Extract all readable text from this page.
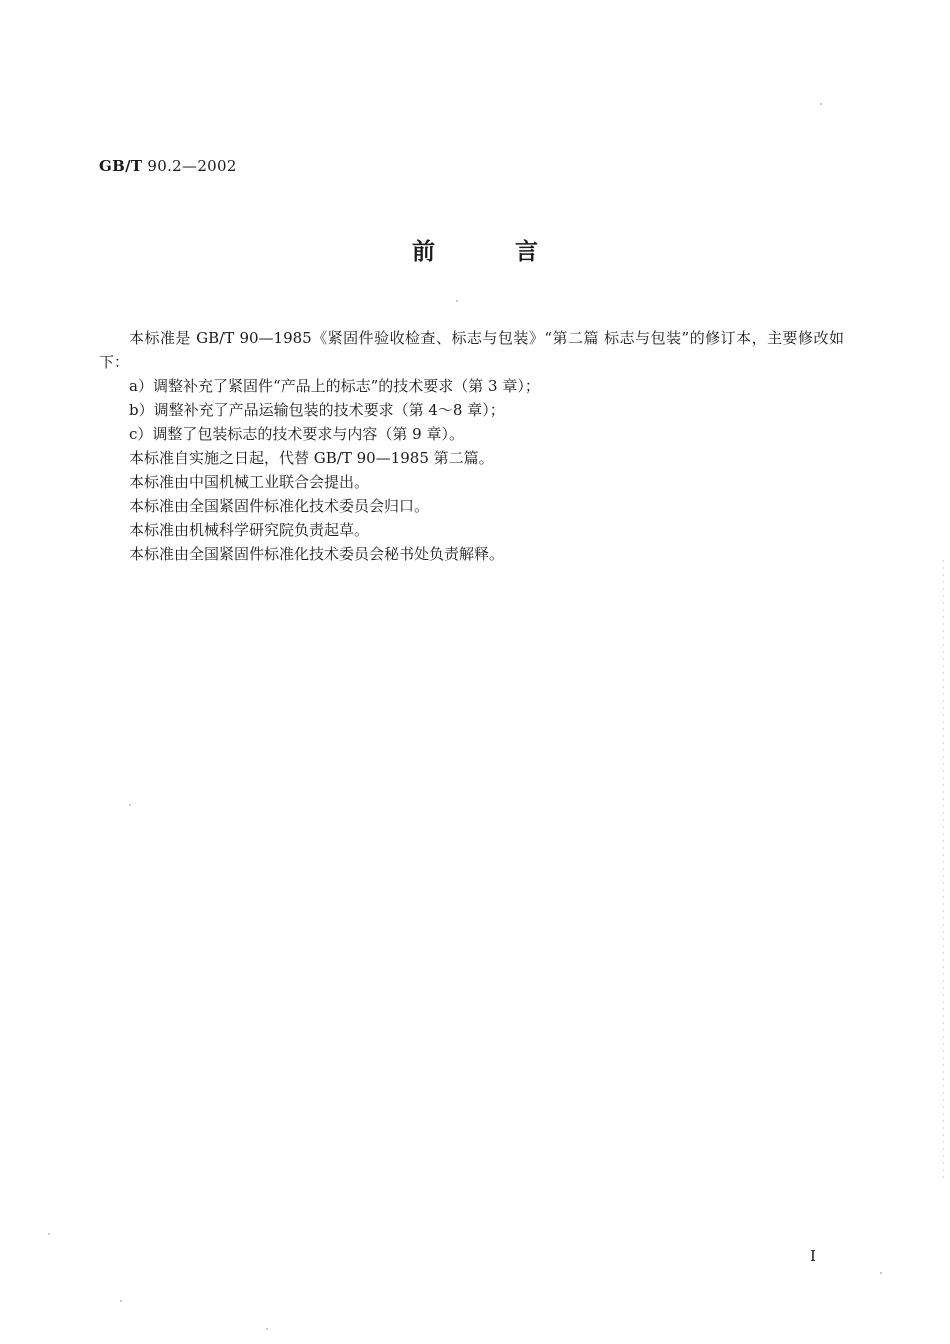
GB/T 90.2—2002
前言

本标准是 GB/T 90—1985《紧固件验收检查、标志与包装》“第二篇 标志与包装”的修订本，主要修改如下：

a）调整补充了紧固件“产品上的标志”的技术要求（第 3 章）；

b）调整补充了产品运输包装的技术要求（第 4～8 章）；

c）调整了包装标志的技术要求与内容（第 9 章）。

本标准自实施之日起，代替 GB/T 90—1985 第二篇。

本标准由中国机械工业联合会提出。

本标准由全国紧固件标准化技术委员会归口。

本标准由机械科学研究院负责起草。

本标准由全国紧固件标准化技术委员会秘书处负责解释。

I
